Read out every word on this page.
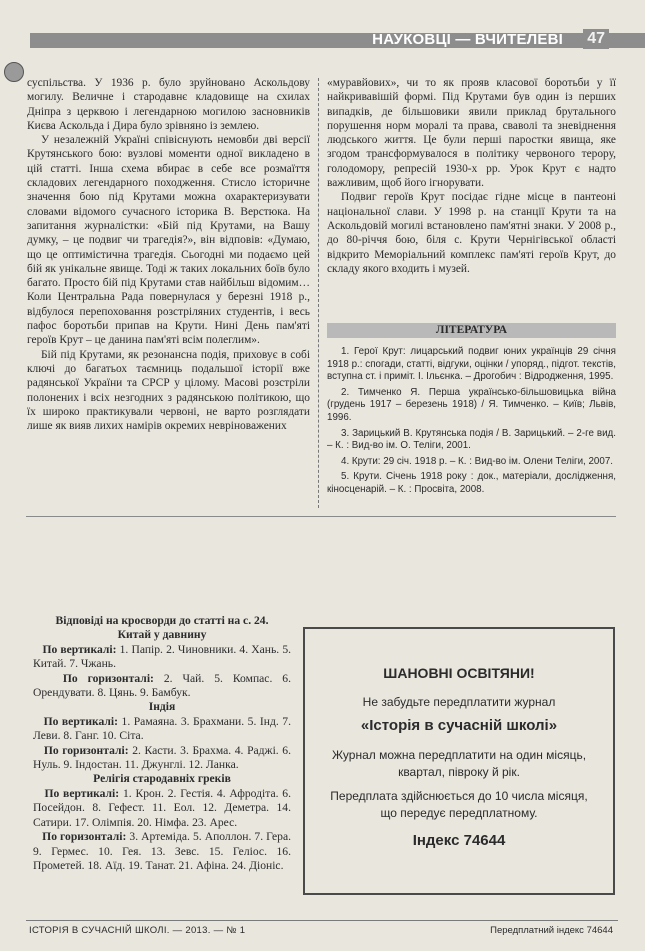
НАУКОВЦІ — ВЧИТЕЛЕВІ 47

суспільства. У 1936 р. було зруйновано Аскольдову могилу. Величне і стародавнє кладовище на схилах Дніпра з церквою і легендарною могилою засновників Києва Аскольда і Дира було зрівняно із землею.

У незалежній Україні співіснують немовби дві версії Крутянського бою: вузлові моменти одної викладено в цій статті. Інша схема вбирає в себе все розмаїття складових легендарного походження. Стисло історичне значення бою під Крутами можна охарактеризувати словами відомого сучасного історика В. Верстюка. На запитання журналістки: «Бій під Крутами, на Вашу думку, – це подвиг чи трагедія?», він відповів: «Думаю, що це оптимістична трагедія. Сьогодні ми подаємо цей бій як унікальне явище. Тоді ж таких локальних боїв було багато. Просто бій під Крутами став найбільш відомим… Коли Центральна Рада повернулася у березні 1918 р., відбулося перепоховання розстріляних студентів, і весь пафос боротьби припав на Крути. Нині День пам'яті героїв Крут – це данина пам'яті всім полеглим».

Бій під Крутами, як резонансна подія, приховує в собі ключі до багатьох таємниць подальшої історії вже радянської України та СРСР у цілому. Масові розстріли полонених і всіх незгодних з радянською політикою, що їх широко практикували червоні, не варто розглядати лише як вияв лихих намірів окремих невріноважених

«муравйових», чи то як прояв класової боротьби у її найкривавішій формі. Під Крутами був один із перших випадків, де більшовики явили приклад брутального порушення норм моралі та права, сваволі та зневіднення людського життя. Це були перші паростки явища, яке згодом трансформувалося в політику червоного терору, голодомору, репресій 1930-х рр. Урок Крут є надто важливим, щоб його ігнорувати.

Подвиг героїв Крут посідає гідне місце в пантеоні національної слави. У 1998 р. на станції Крути та на Аскольдовій могилі встановлено пам'ятні знаки. У 2008 р., до 80-річчя бою, біля с. Крути Чернігівської області відкрито Меморіальний комплекс пам'яті героїв Крут, до складу якого входить і музей.

ЛІТЕРАТУРА

1. Герої Крут: лицарський подвиг юних українців 29 січня 1918 р.: спогади, статті, відгуки, оцінки / упоряд., підгот. текстів, вступна ст. і приміт. І. Ільєнка. – Дрогобич : Відродження, 1995.

2. Тимченко Я. Перша українсько-більшовицька війна (грудень 1917 – березень 1918) / Я. Тимченко. – Київ; Львів, 1996.

3. Зарицький В. Крутянська подія / В. Зарицький. – 2-ге вид. – К. : Вид-во ім. О. Теліги, 2001.

4. Крути: 29 січ. 1918 р. – К. : Вид-во ім. Олени Теліги, 2007.

5. Крути. Січень 1918 року : док., матеріали, дослідження, кіносценарій. – К. : Просвіта, 2008.

Відповіді на кросворди до статті на с. 24.

Китай у давнину

По вертикалі: 1. Папір. 2. Чиновники. 4. Хань. 5. Китай. 7. Чжань.

По горизонталі: 2. Чай. 5. Компас. 6. Орендувати. 8. Цянь. 9. Бамбук.

Індія

По вертикалі: 1. Рамаяна. 3. Брахмани. 5. Інд. 7. Леви. 8. Ганг. 10. Сіта.

По горизонталі: 2. Касти. 3. Брахма. 4. Раджі. 6. Нуль. 9. Індостан. 11. Джунглі. 12. Ланка.

Релігія стародавніх греків

По вертикалі: 1. Крон. 2. Гестія. 4. Афродіта. 6. Посейдон. 8. Гефест. 11. Еол. 12. Деметра. 14. Сатири. 17. Олімпія. 20. Німфа. 23. Арес.

По горизонталі: 3. Артеміда. 5. Аполлон. 7. Гера. 9. Гермес. 10. Гея. 13. Зевс. 15. Геліос. 16. Прометей. 18. Аїд. 19. Танат. 21. Афіна. 24. Діоніс.

ШАНОВНІ ОСВІТЯНИ!
Не забудьте передплатити журнал
«Історія в сучасній школі»
Журнал можна передплатити на один місяць,
квартал, півроку й рік.
Передплата здійснюється до 10 числа місяця,
що передує передплатному.
Індекс 74644
ІСТОРІЯ В СУЧАСНІЙ ШКОЛІ. — 2013. — № 1	Передплатний індекс 74644
